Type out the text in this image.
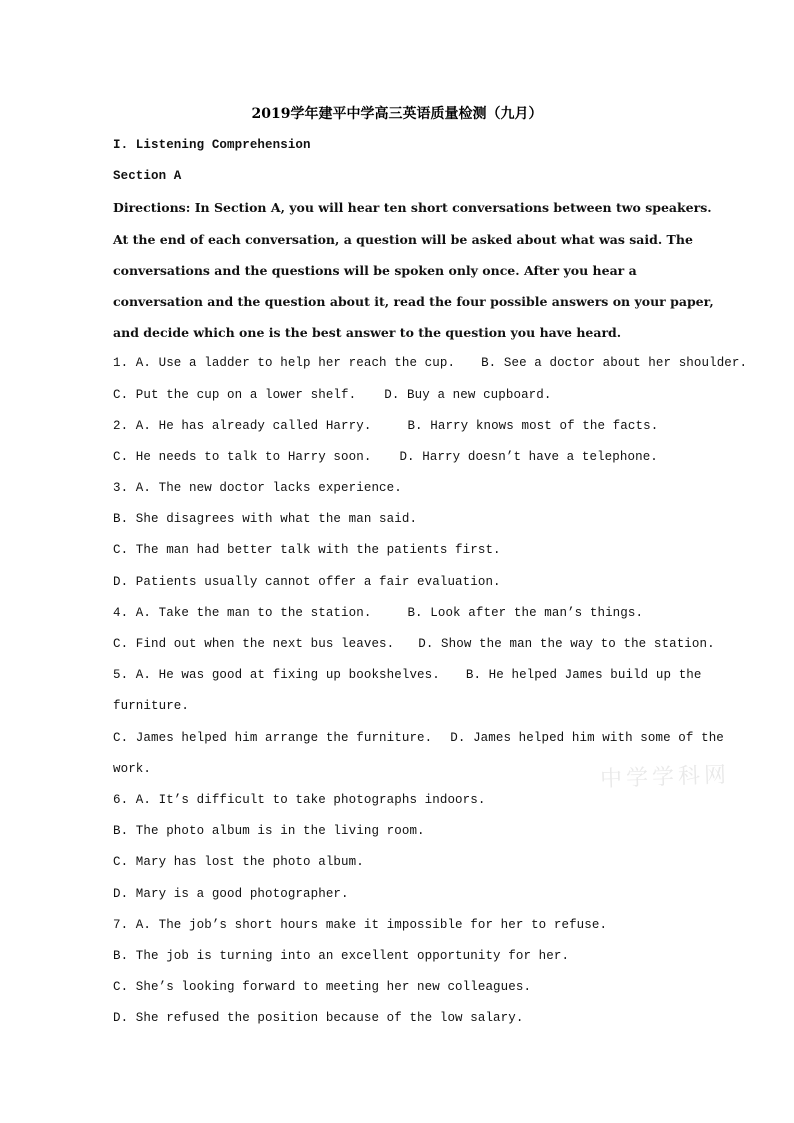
2019学年建平中学高三英语质量检测（九月）
I. Listening Comprehension
Section A
Directions: In Section A, you will hear ten short conversations between two speakers.
At the end of each conversation, a question will be asked about what was said. The
conversations and the questions will be spoken only once. After you hear a
conversation and the question about it, read the four possible answers on your paper,
and decide which one is the best answer to the question you have heard.
1. A. Use a ladder to help her reach the cup. B. See a doctor about her shoulder.
C. Put the cup on a lower shelf. D. Buy a new cupboard.
2. A. He has already called Harry.	B. Harry knows most of the facts.
C. He needs to talk to Harry soon. D. Harry doesn’t have a telephone.
3. A. The new doctor lacks experience.
B. She disagrees with what the man said.
C. The man had better talk with the patients first.
D. Patients usually cannot offer a fair evaluation.
4. A. Take the man to the station.	B. Look after the man’s things.
C. Find out when the next bus leaves. D. Show the man the way to the station.
5. A. He was good at fixing up bookshelves. B. He helped James build up the
furniture.
C. James helped him arrange the furniture. D. James helped him with some of the
work.
6. A. It’s difficult to take photographs indoors.
B. The photo album is in the living room.
C. Mary has lost the photo album.
D. Mary is a good photographer.
7. A. The job’s short hours make it impossible for her to refuse.
B. The job is turning into an excellent opportunity for her.
C. She’s looking forward to meeting her new colleagues.
D. She refused the position because of the low salary.
中学学科网
